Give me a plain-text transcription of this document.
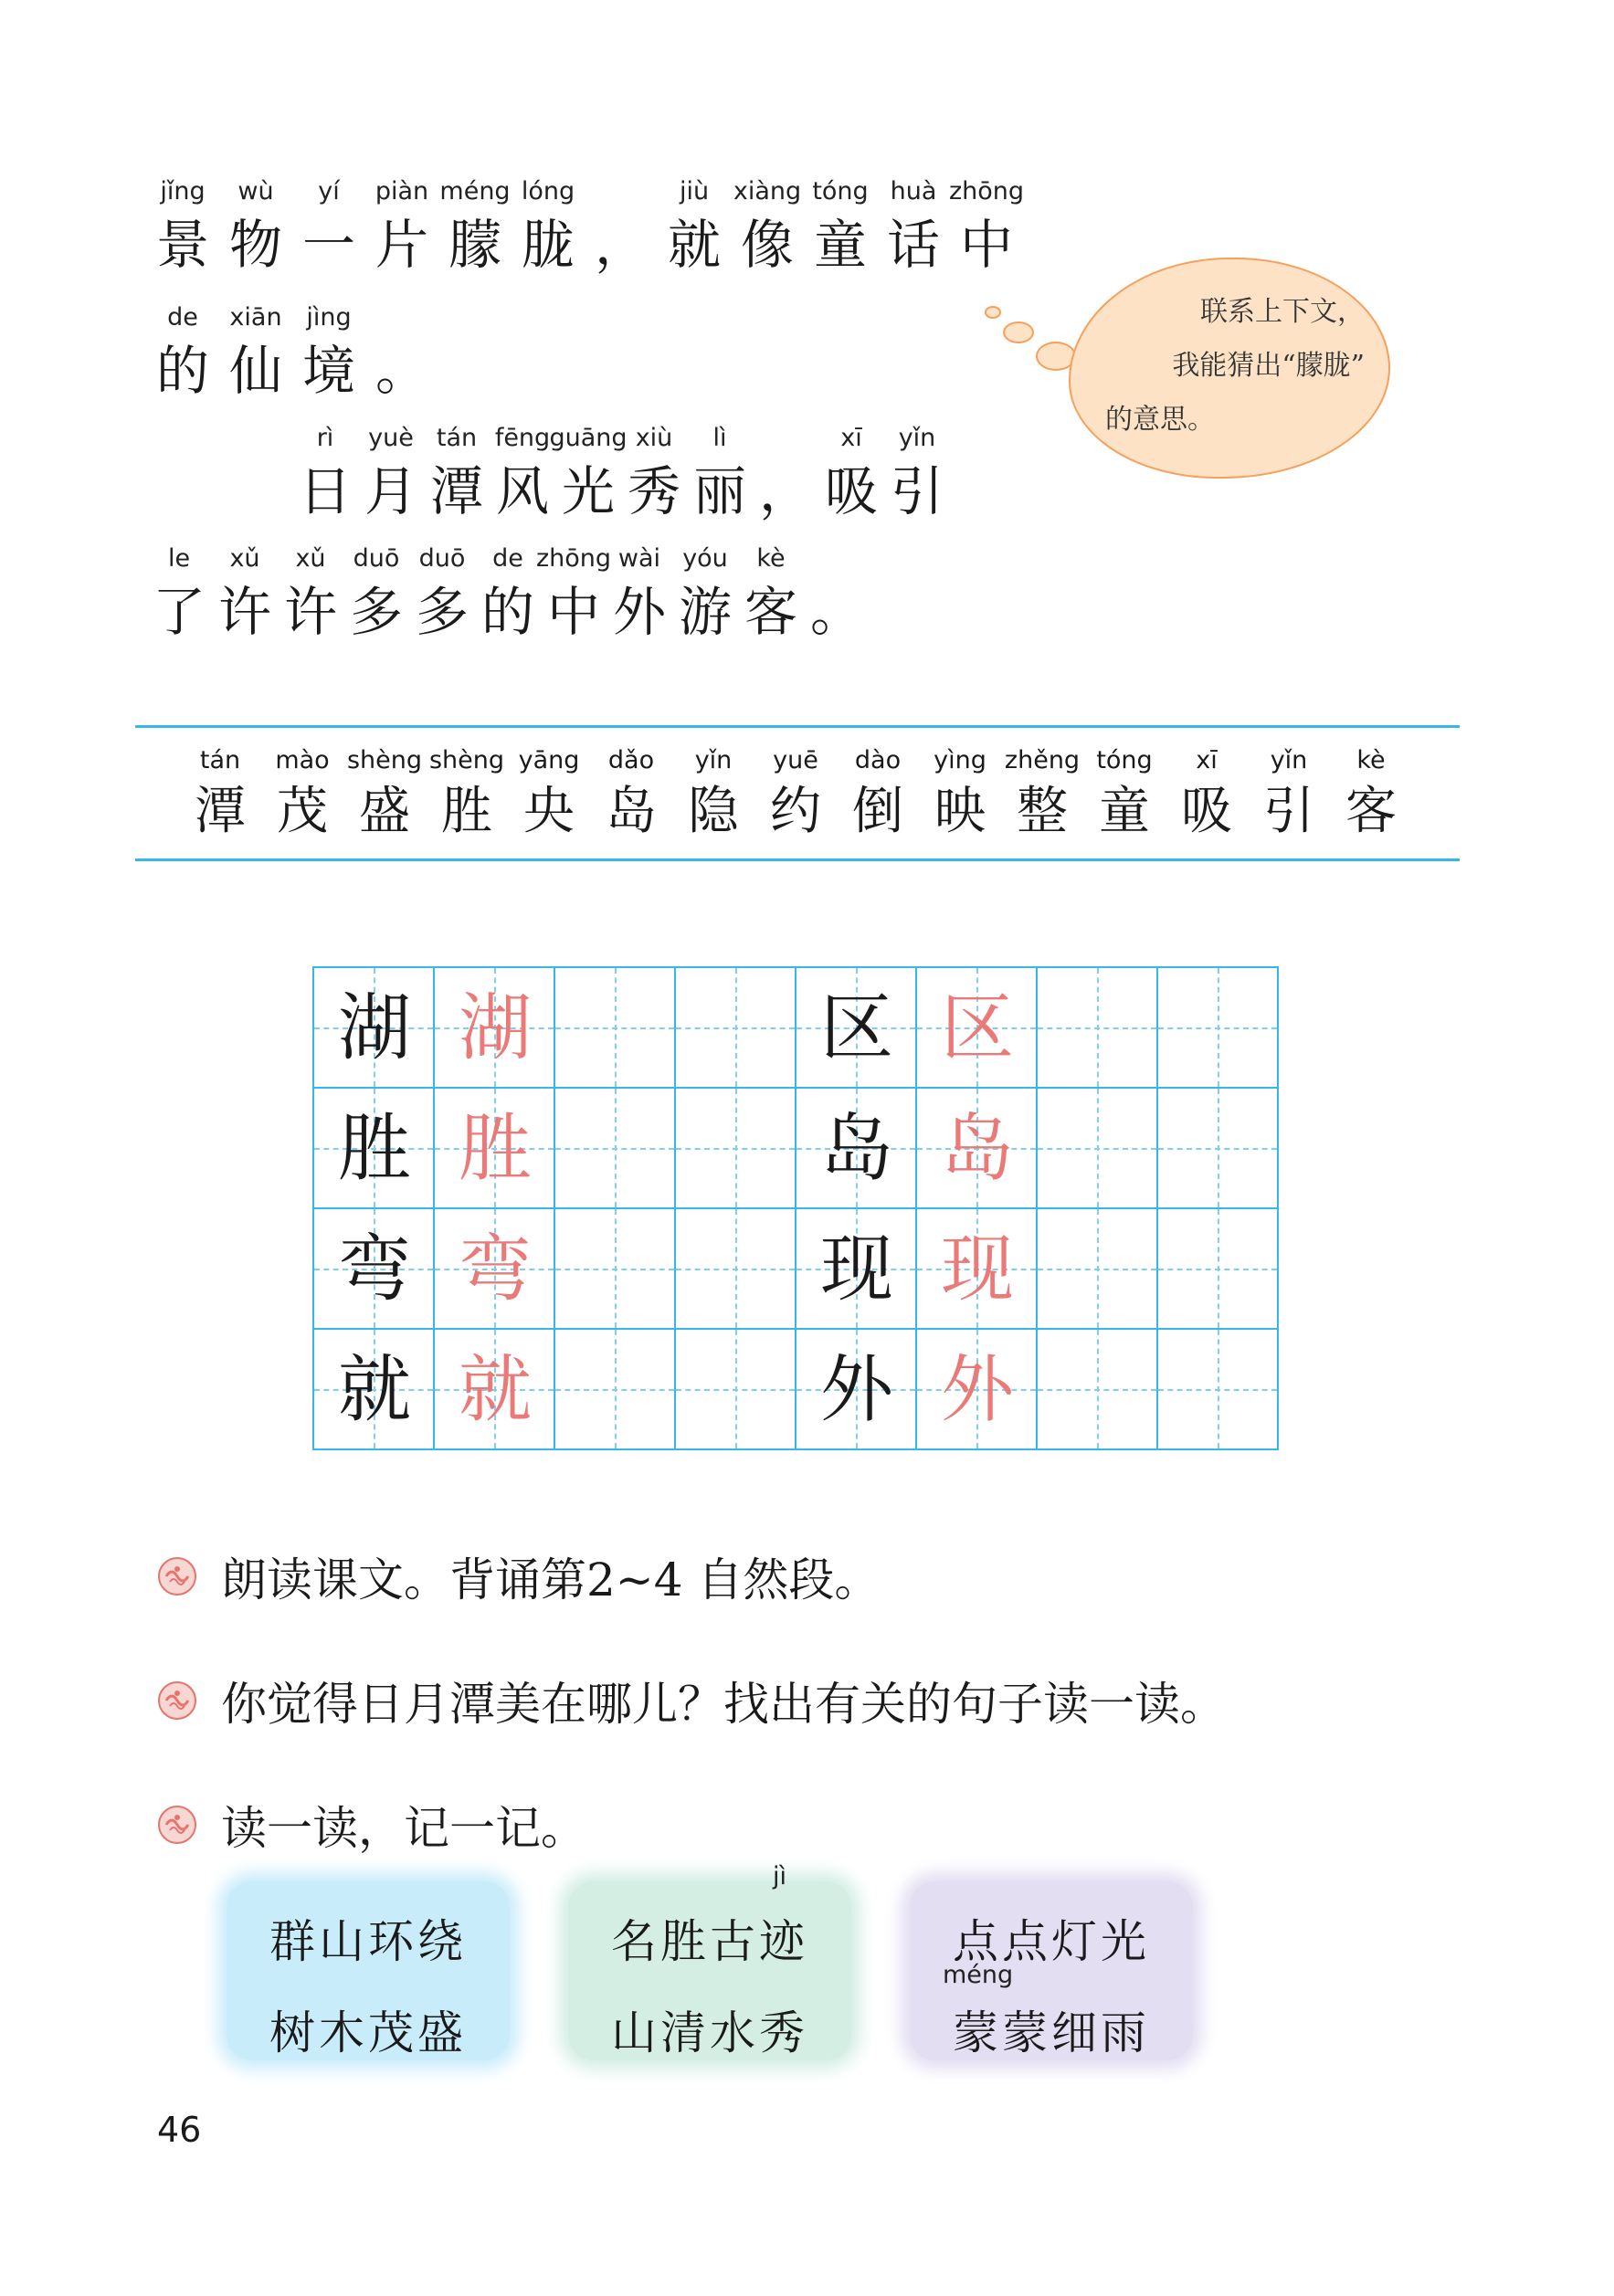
jǐng
景
wù
物
yí
一
piàn
片
méng
朦
lóng
胧 ，
jiù
就
xiàng
像
tóng
童
huà
话
zhōng
中
de
的
xiān
仙
jìng
境 。
rì
日
yuè
月
tán
潭
fēng
风
guāng
光
xiù
秀
lì
丽 ，
xī
吸
yǐn
引
le
了
xǔ
许
xǔ
许
duō
多
duō
多
de
的
zhōng
中
wài
外
yóu
游
kè
客 。
联系上下文，
我能猜出“朦胧”
的意思。
tán
潭
mào
茂
shèng
盛
shèng
胜
yāng
央
dǎo
岛
yǐn
隐
yuē
约
dào
倒
yìng
映
zhěng
整
tóng
童
xī
吸
yǐn
引
kè
客
湖 湖	区 区
胜 胜	岛 岛
弯 弯	现 现
就 就	外 外
朗读课文。背诵第2~4 自然段。
你觉得日月潭美在哪儿？找出有关的句子读一读。
读一读，记一记。
群山环绕
树木茂盛
jì
名胜古迹
山清水秀
点点灯光
méng
蒙蒙细雨
46
